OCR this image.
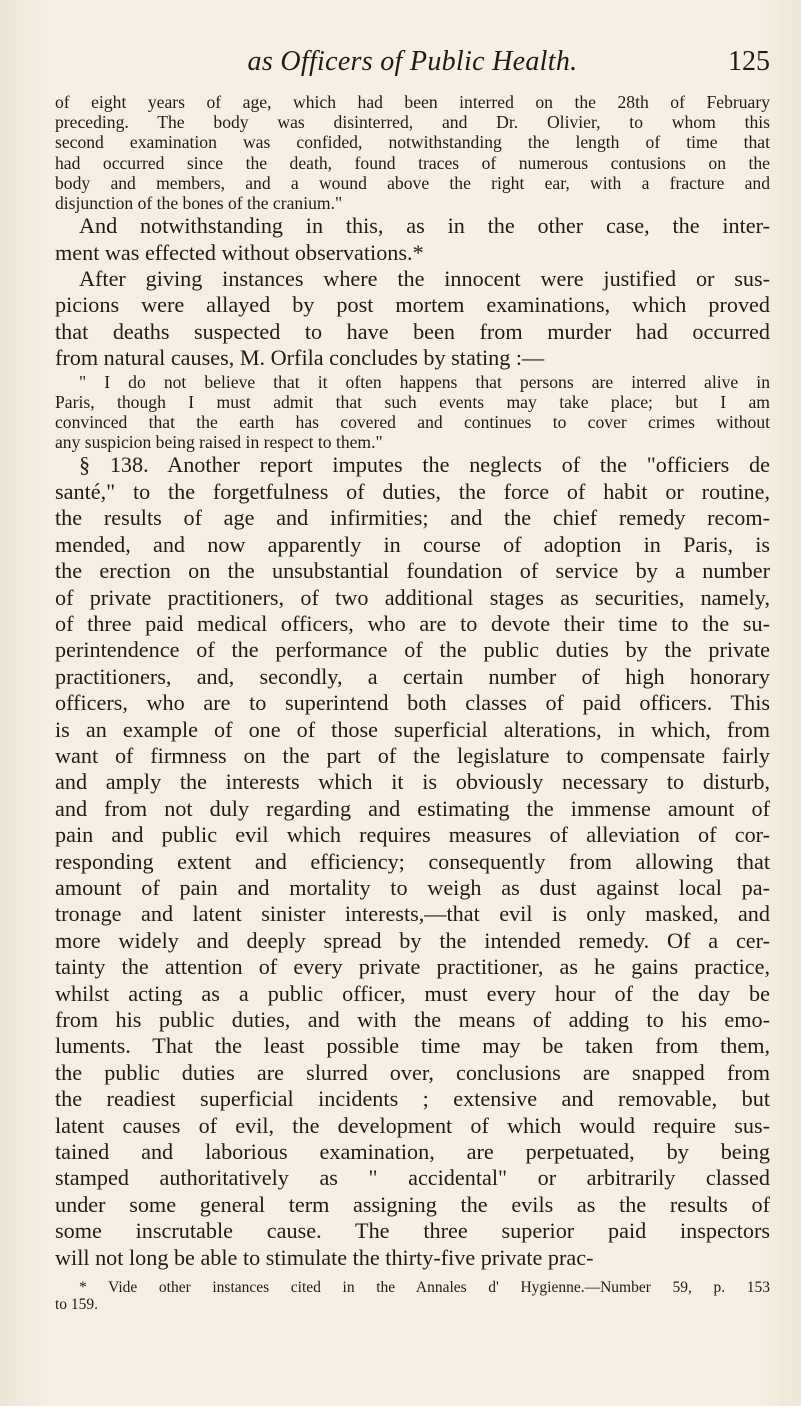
as Officers of Public Health.	125
of eight years of age, which had been interred on the 28th of February
preceding. The body was disinterred, and Dr. Olivier, to whom this
second examination was confided, notwithstanding the length of time that
had occurred since the death, found traces of numerous contusions on the
body and members, and a wound above the right ear, with a fracture and
disjunction of the bones of the cranium."
And notwithstanding in this, as in the other case, the inter-
ment was effected without observations.*
After giving instances where the innocent were justified or sus-
picions were allayed by post mortem examinations, which proved
that deaths suspected to have been from murder had occurred
from natural causes, M. Orfila concludes by stating :—
" I do not believe that it often happens that persons are interred alive in
Paris, though I must admit that such events may take place; but I am
convinced that the earth has covered and continues to cover crimes without
any suspicion being raised in respect to them."
§ 138. Another report imputes the neglects of the "officiers de
santé," to the forgetfulness of duties, the force of habit or routine,
the results of age and infirmities; and the chief remedy recom-
mended, and now apparently in course of adoption in Paris, is
the erection on the unsubstantial foundation of service by a number
of private practitioners, of two additional stages as securities, namely,
of three paid medical officers, who are to devote their time to the su-
perintendence of the performance of the public duties by the private
practitioners, and, secondly, a certain number of high honorary
officers, who are to superintend both classes of paid officers. This
is an example of one of those superficial alterations, in which, from
want of firmness on the part of the legislature to compensate fairly
and amply the interests which it is obviously necessary to disturb,
and from not duly regarding and estimating the immense amount of
pain and public evil which requires measures of alleviation of cor-
responding extent and efficiency; consequently from allowing that
amount of pain and mortality to weigh as dust against local pa-
tronage and latent sinister interests,—that evil is only masked, and
more widely and deeply spread by the intended remedy. Of a cer-
tainty the attention of every private practitioner, as he gains practice,
whilst acting as a public officer, must every hour of the day be
from his public duties, and with the means of adding to his emo-
luments. That the least possible time may be taken from them,
the public duties are slurred over, conclusions are snapped from
the readiest superficial incidents ; extensive and removable, but
latent causes of evil, the development of which would require sus-
tained and laborious examination, are perpetuated, by being
stamped authoritatively as " accidental" or arbitrarily classed
under some general term assigning the evils as the results of
some inscrutable cause. The three superior paid inspectors
will not long be able to stimulate the thirty-five private prac-
* Vide other instances cited in the Annales d' Hygienne.—Number 59, p. 153
to 159.
